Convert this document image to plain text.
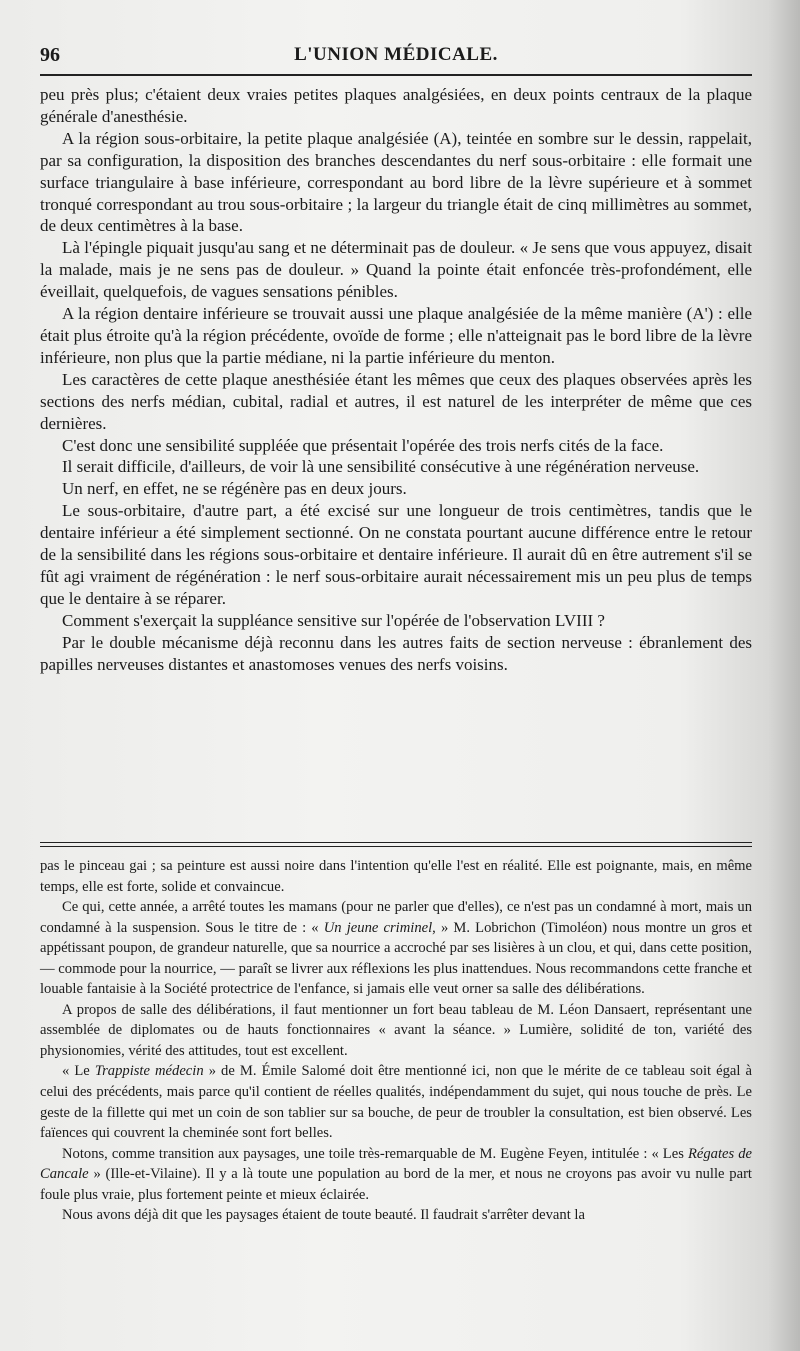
96	L'UNION MÉDICALE.

peu près plus; c'étaient deux vraies petites plaques analgésiées, en deux points centraux de la plaque générale d'anesthésie.

A la région sous-orbitaire, la petite plaque analgésiée (A), teintée en sombre sur le dessin, rappelait, par sa configuration, la disposition des branches descendantes du nerf sous-orbitaire : elle formait une surface triangulaire à base inférieure, correspondant au bord libre de la lèvre supérieure et à sommet tronqué correspondant au trou sous-orbitaire ; la largeur du triangle était de cinq millimètres au sommet, de deux centimètres à la base.

Là l'épingle piquait jusqu'au sang et ne déterminait pas de douleur. « Je sens que vous appuyez, disait la malade, mais je ne sens pas de douleur. » Quand la pointe était enfoncée très-profondément, elle éveillait, quelquefois, de vagues sensations pénibles.

A la région dentaire inférieure se trouvait aussi une plaque analgésiée de la même manière (A') : elle était plus étroite qu'à la région précédente, ovoïde de forme ; elle n'atteignait pas le bord libre de la lèvre inférieure, non plus que la partie médiane, ni la partie inférieure du menton.

Les caractères de cette plaque anesthésiée étant les mêmes que ceux des plaques observées après les sections des nerfs médian, cubital, radial et autres, il est naturel de les interpréter de même que ces dernières.

C'est donc une sensibilité suppléée que présentait l'opérée des trois nerfs cités de la face.

Il serait difficile, d'ailleurs, de voir là une sensibilité consécutive à une régénération nerveuse.

Un nerf, en effet, ne se régénère pas en deux jours.

Le sous-orbitaire, d'autre part, a été excisé sur une longueur de trois centimètres, tandis que le dentaire inférieur a été simplement sectionné. On ne constata pourtant aucune différence entre le retour de la sensibilité dans les régions sous-orbitaire et dentaire inférieure. Il aurait dû en être autrement s'il se fût agi vraiment de régénération : le nerf sous-orbitaire aurait nécessairement mis un peu plus de temps que le dentaire à se réparer.

Comment s'exerçait la suppléance sensitive sur l'opérée de l'observation LVIII ?

Par le double mécanisme déjà reconnu dans les autres faits de section nerveuse : ébranlement des papilles nerveuses distantes et anastomoses venues des nerfs voisins.

pas le pinceau gai ; sa peinture est aussi noire dans l'intention qu'elle l'est en réalité. Elle est poignante, mais, en même temps, elle est forte, solide et convaincue.

Ce qui, cette année, a arrêté toutes les mamans (pour ne parler que d'elles), ce n'est pas un condamné à mort, mais un condamné à la suspension. Sous le titre de : « Un jeune criminel, » M. Lobrichon (Timoléon) nous montre un gros et appétissant poupon, de grandeur naturelle, que sa nourrice a accroché par ses lisières à un clou, et qui, dans cette position, — commode pour la nourrice, — paraît se livrer aux réflexions les plus inattendues. Nous recommandons cette franche et louable fantaisie à la Société protectrice de l'enfance, si jamais elle veut orner sa salle des délibérations.

A propos de salle des délibérations, il faut mentionner un fort beau tableau de M. Léon Dansaert, représentant une assemblée de diplomates ou de hauts fonctionnaires « avant la séance. » Lumière, solidité de ton, variété des physionomies, vérité des attitudes, tout est excellent.

« Le Trappiste médecin » de M. Émile Salomé doit être mentionné ici, non que le mérite de ce tableau soit égal à celui des précédents, mais parce qu'il contient de réelles qualités, indépendamment du sujet, qui nous touche de près. Le geste de la fillette qui met un coin de son tablier sur sa bouche, de peur de troubler la consultation, est bien observé. Les faïences qui couvrent la cheminée sont fort belles.

Notons, comme transition aux paysages, une toile très-remarquable de M. Eugène Feyen, intitulée : « Les Régates de Cancale » (Ille-et-Vilaine). Il y a là toute une population au bord de la mer, et nous ne croyons pas avoir vu nulle part foule plus vraie, plus fortement peinte et mieux éclairée.

Nous avons déjà dit que les paysages étaient de toute beauté. Il faudrait s'arrêter devant la
